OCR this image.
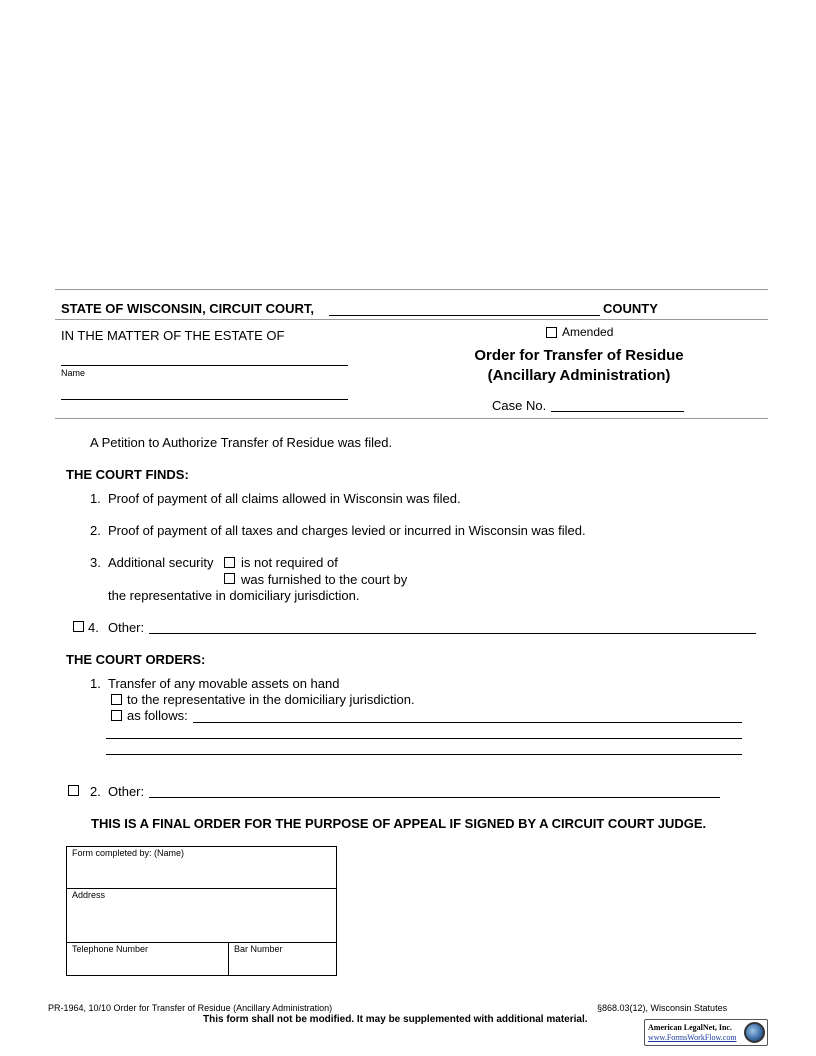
STATE OF WISCONSIN, CIRCUIT COURT,	COUNTY
IN THE MATTER OF THE ESTATE OF
Name
Amended
Order for Transfer of Residue
(Ancillary Administration)
Case No.
A Petition to Authorize Transfer of Residue was filed.
THE COURT FINDS:
1. Proof of payment of all claims allowed in Wisconsin was filed.
2. Proof of payment of all taxes and charges levied or incurred in Wisconsin was filed.
3. Additional security is not required of
was furnished to the court by
the representative in domiciliary jurisdiction.
4. Other:
THE COURT ORDERS:
1. Transfer of any movable assets on hand
to the representative in the domiciliary jurisdiction.
as follows:
2. Other:
THIS IS A FINAL ORDER FOR THE PURPOSE OF APPEAL IF SIGNED BY A CIRCUIT COURT JUDGE.
Form completed by: (Name)
Address
Telephone Number	Bar Number
PR-1964, 10/10 Order for Transfer of Residue (Ancillary Administration)	§868.03(12), Wisconsin Statutes
This form shall not be modified. It may be supplemented with additional material.
American LegalNet, Inc.
www.FormsWorkFlow.com
